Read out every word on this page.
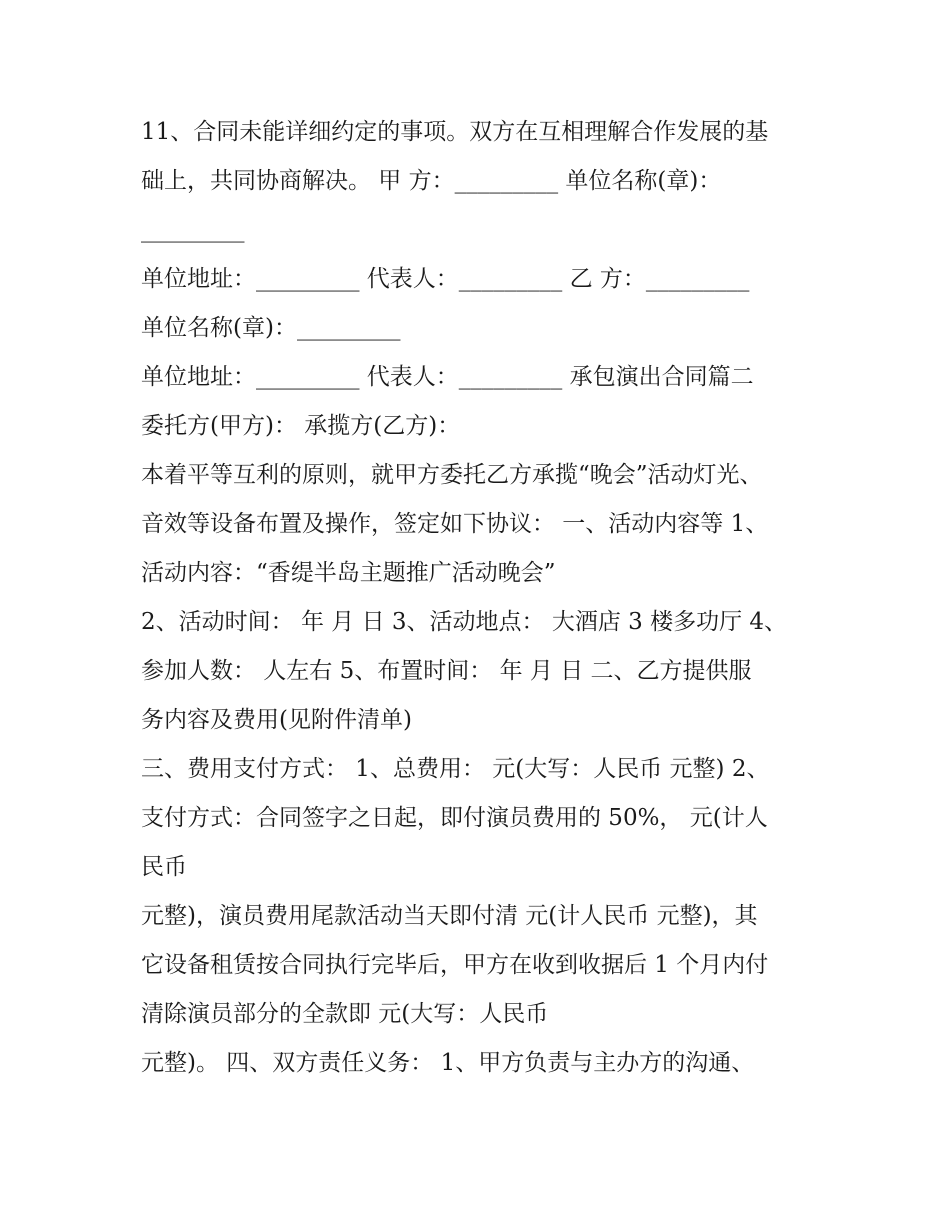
11、合同未能详细约定的事项。双方在互相理解合作发展的基
础上，共同协商解决。 甲 方：_________ 单位名称(章)：
_________
单位地址：_________ 代表人：_________ 乙 方：_________
单位名称(章)：_________
单位地址：_________ 代表人：_________ 承包演出合同篇二
委托方(甲方)： 承揽方(乙方)：
本着平等互利的原则，就甲方委托乙方承揽“晚会”活动灯光、
音效等设备布置及操作，签定如下协议： 一、活动内容等 1、
活动内容：“香缇半岛主题推广活动晚会”
2、活动时间： 年 月 日 3、活动地点： 大酒店 3 楼多功厅 4、
参加人数： 人左右 5、布置时间： 年 月 日 二、乙方提供服
务内容及费用(见附件清单)
三、费用支付方式： 1、总费用： 元(大写：人民币 元整) 2、
支付方式：合同签字之日起，即付演员费用的 50%， 元(计人
民币
元整)，演员费用尾款活动当天即付清 元(计人民币 元整)，其
它设备租赁按合同执行完毕后，甲方在收到收据后 1 个月内付
清除演员部分的全款即 元(大写：人民币
元整)。 四、双方责任义务： 1、甲方负责与主办方的沟通、
